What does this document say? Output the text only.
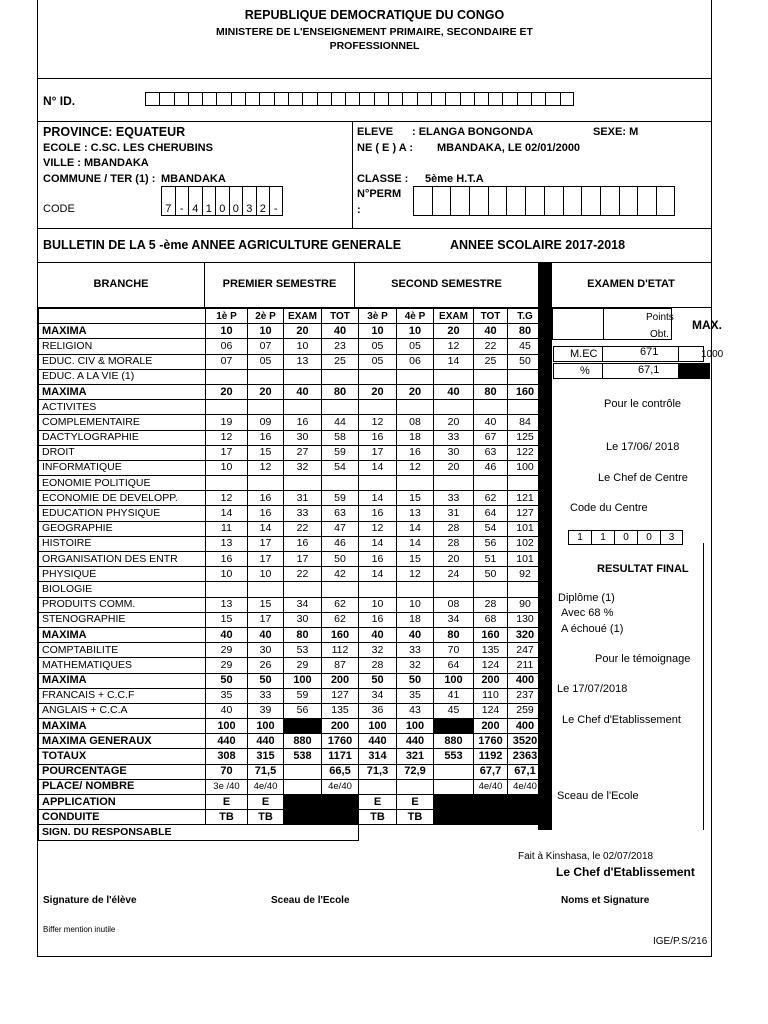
REPUBLIQUE DEMOCRATIQUE DU CONGO
MINISTERE DE L'ENSEIGNEMENT PRIMAIRE, SECONDAIRE ET
PROFESSIONNEL
N° ID.
PROVINCE: EQUATEUR
ECOLE : C.SC. LES CHERUBINS
VILLE : MBANDAKA
COMMUNE / TER (1) : MBANDAKA
CODE	7 - 4 1 0 0 3 2 -
ELEVE : ELANGA BONGONDA	SEXE: M
NE ( E ) A : MBANDAKA, LE 02/01/2000
CLASSE : 5ème H.T.A
N°PERM
:
BULLETIN DE LA 5 -ème ANNEE AGRICULTURE GENERALE	ANNEE SCOLAIRE 2017-2018
BRANCHE	PREMIER SEMESTRE	SECOND SEMESTRE	EXAMEN D'ETAT
	1è P	2è P	EXAM	TOT	3è P	4è P	EXAM	TOT	T.G
MAXIMA	10	10	20	40	10	10	20	40	80
RELIGION	06	07	10	23	05	05	12	22	45
EDUC. CIV & MORALE	07	05	13	25	05	06	14	25	50
EDUC. A LA VIE (1)									
MAXIMA	20	20	40	80	20	20	40	80	160
ACTIVITES									
COMPLEMENTAIRE	19	09	16	44	12	08	20	40	84
DACTYLOGRAPHIE	12	16	30	58	16	18	33	67	125
DROIT	17	15	27	59	17	16	30	63	122
INFORMATIQUE	10	12	32	54	14	12	20	46	100
EONOMIE POLITIQUE									
ECONOMIE DE DEVELOPP.	12	16	31	59	14	15	33	62	121
EDUCATION PHYSIQUE	14	16	33	63	16	13	31	64	127
GEOGRAPHIE	11	14	22	47	12	14	28	54	101
HISTOIRE	13	17	16	46	14	14	28	56	102
ORGANISATION DES ENTR	16	17	17	50	16	15	20	51	101
PHYSIQUE	10	10	22	42	14	12	24	50	92
BIOLOGIE									
PRODUITS COMM.	13	15	34	62	10	10	08	28	90
STENOGRAPHIE	15	17	30	62	16	18	34	68	130
MAXIMA	40	40	80	160	40	40	80	160	320
COMPTABILITE	29	30	53	112	32	33	70	135	247
MATHEMATIQUES	29	26	29	87	28	32	64	124	211
MAXIMA	50	50	100	200	50	50	100	200	400
FRANCAIS + C.C.F	35	33	59	127	34	35	41	110	237
ANGLAIS + C.C.A	40	39	56	135	36	43	45	124	259
MAXIMA	100	100		200	100	100		200	400
MAXIMA GENERAUX	440	440	880	1760	440	440	880	1760	3520
TOTAUX	308	315	538	1171	314	321	553	1192	2363
POURCENTAGE	70	71,5		66,5	71,3	72,9		67,7	67,1
PLACE/ NOMBRE	3e /40	4e/40		4e/40				4e/40	4e/40
APPLICATION	E	E			E	E			
CONDUITE	TB	TB			TB	TB			
SIGN. DU RESPONSABLE									
Points
Obt.
MAX.
M.EC	671	1000
%	67,1
Pour le contrôle
Le 17/06/ 2018
Le Chef de Centre
Code du Centre
1	1	0	0	3
RESULTAT FINAL
Diplôme (1)
Avec 68 %
A échoué (1)
Pour le témoignage
Le 17/07/2018
Le Chef d'Etablissement
Sceau de l'Ecole
Fait à Kinshasa, le 02/07/2018
Le Chef d'Etablissement
Signature de l'élève	Sceau de l'Ecole	Noms et Signature
Biffer mention inutile
IGE/P.S/216
